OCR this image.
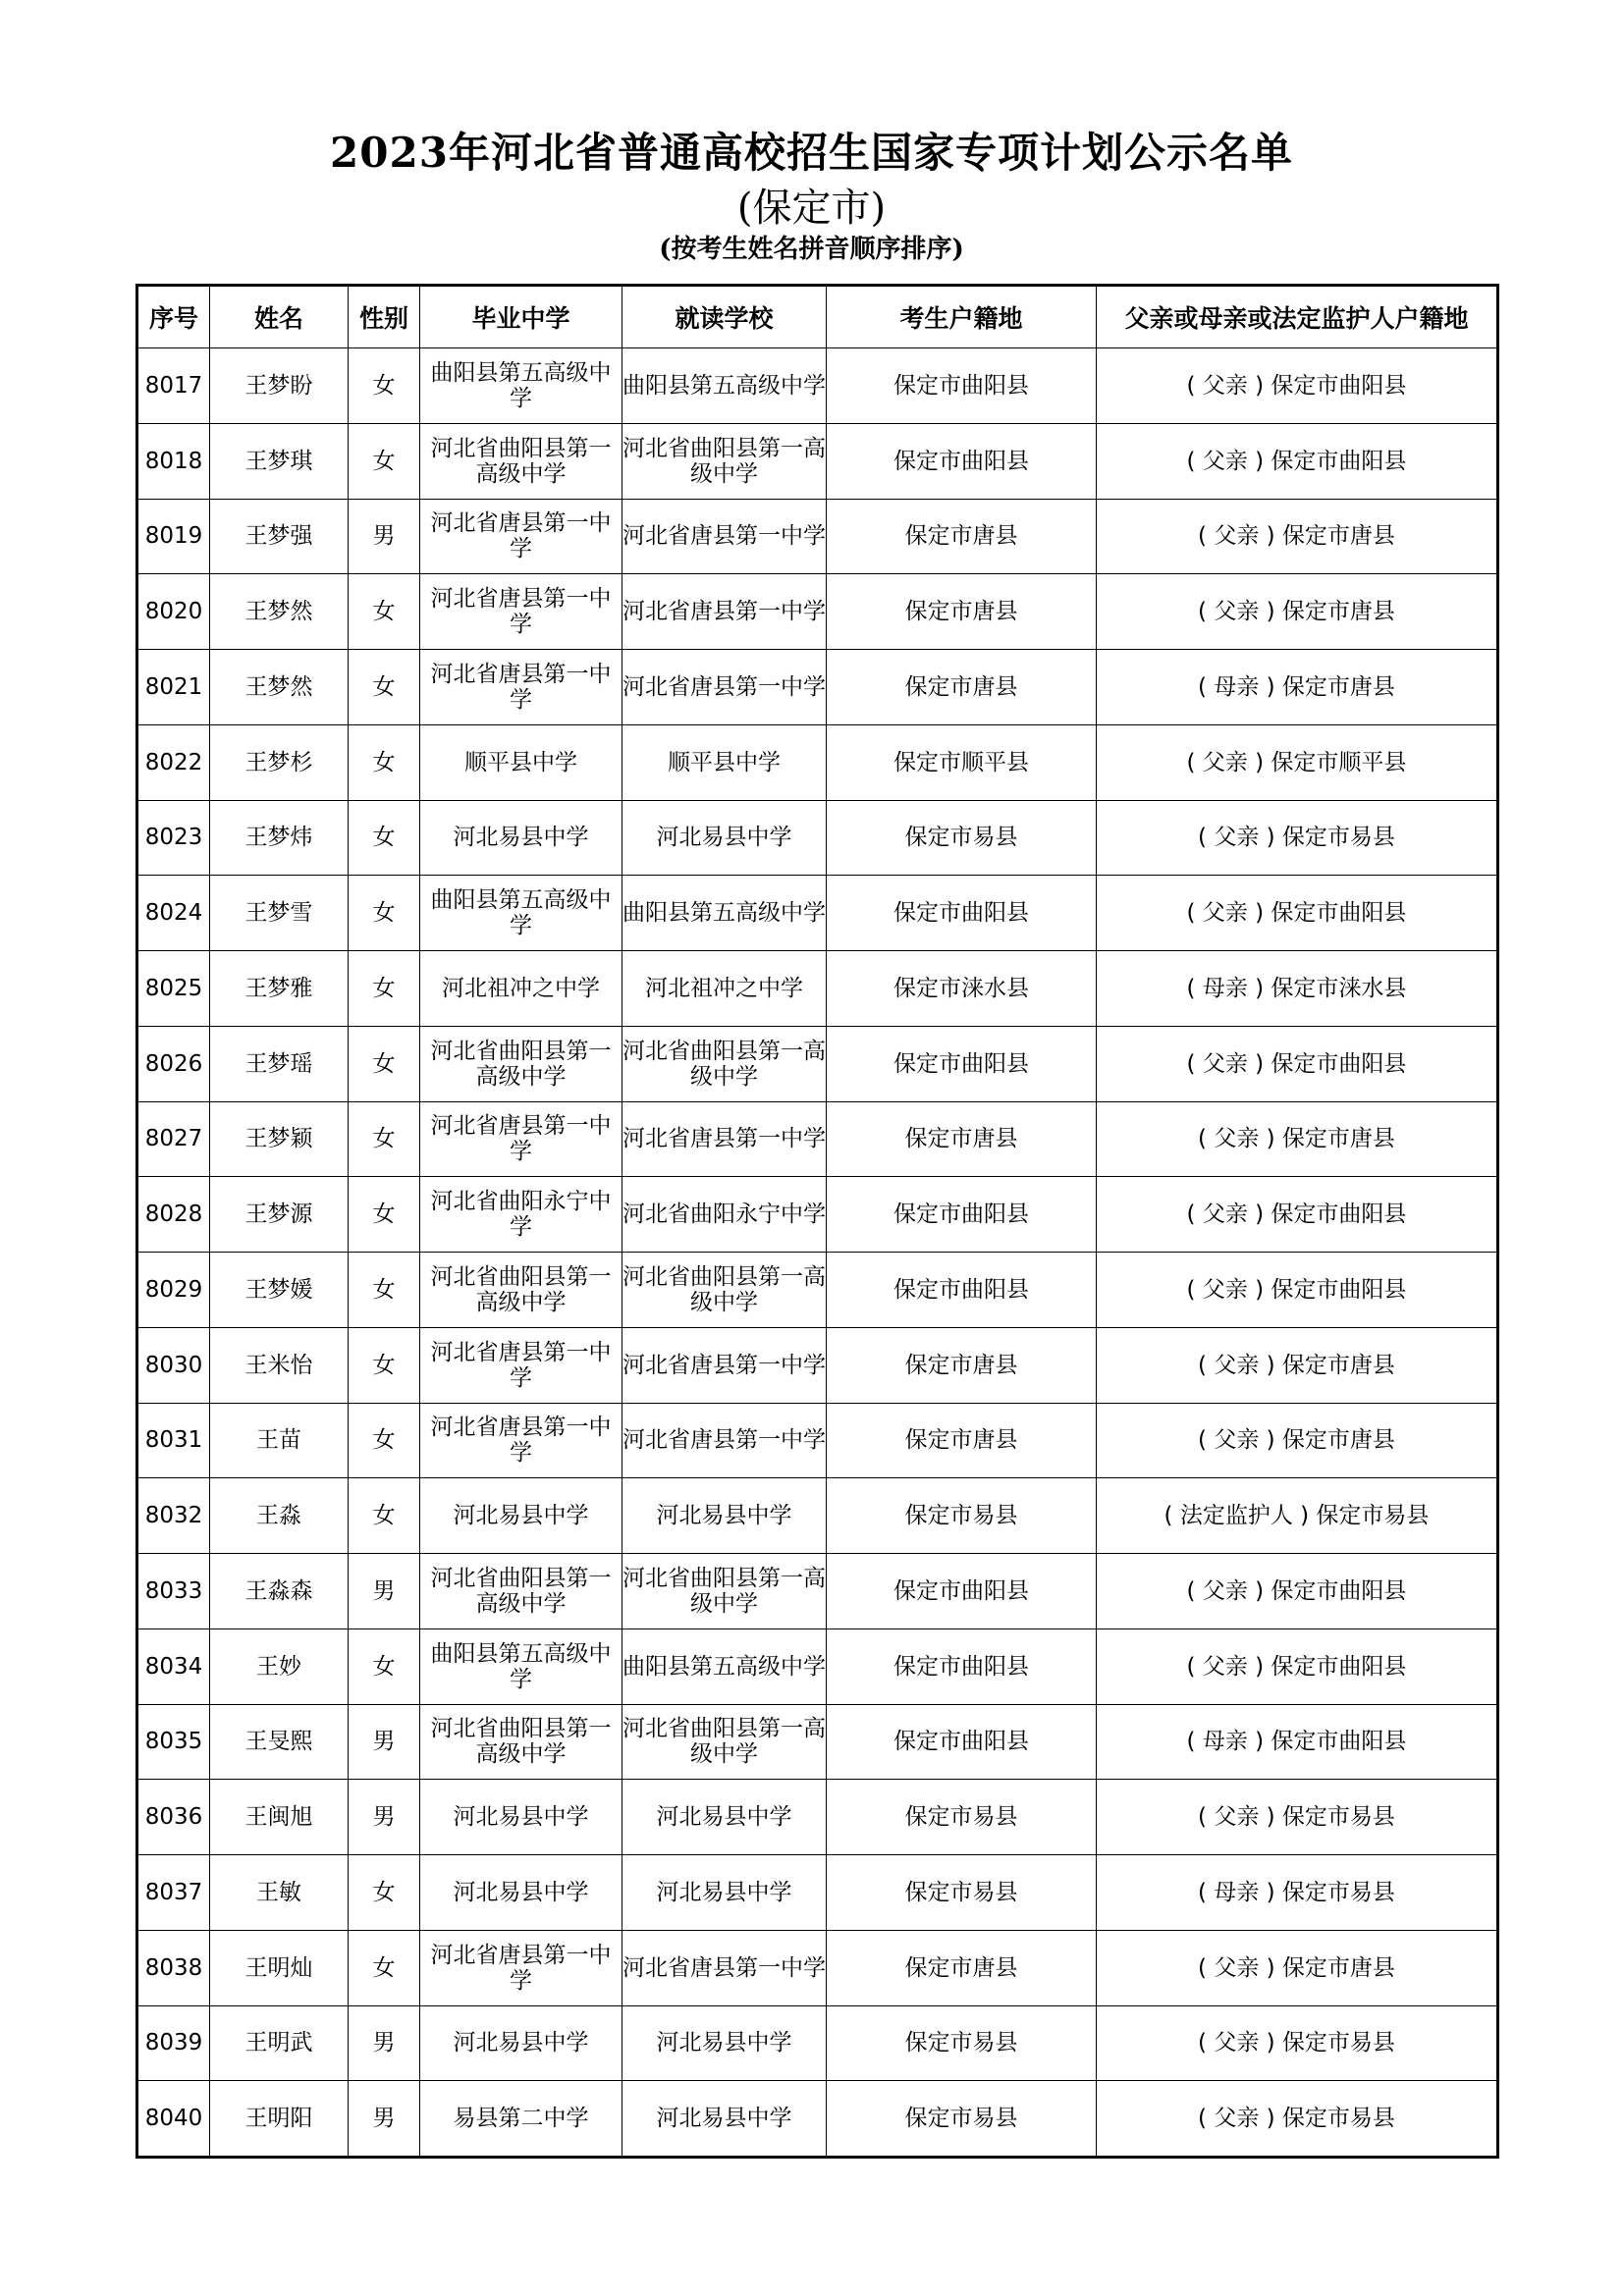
2023年河北省普通高校招生国家专项计划公示名单
(保定市)
(按考生姓名拼音顺序排序)
序号	姓名	性别	毕业中学	就读学校	考生户籍地	父亲或母亲或法定监护人户籍地
8017	王梦盼	女	曲阳县第五高级中学	曲阳县第五高级中学	保定市曲阳县	( 父亲 ) 保定市曲阳县
8018	王梦琪	女	河北省曲阳县第一高级中学	河北省曲阳县第一高级中学	保定市曲阳县	( 父亲 ) 保定市曲阳县
8019	王梦强	男	河北省唐县第一中学	河北省唐县第一中学	保定市唐县	( 父亲 ) 保定市唐县
8020	王梦然	女	河北省唐县第一中学	河北省唐县第一中学	保定市唐县	( 父亲 ) 保定市唐县
8021	王梦然	女	河北省唐县第一中学	河北省唐县第一中学	保定市唐县	( 母亲 ) 保定市唐县
8022	王梦杉	女	顺平县中学	顺平县中学	保定市顺平县	( 父亲 ) 保定市顺平县
8023	王梦炜	女	河北易县中学	河北易县中学	保定市易县	( 父亲 ) 保定市易县
8024	王梦雪	女	曲阳县第五高级中学	曲阳县第五高级中学	保定市曲阳县	( 父亲 ) 保定市曲阳县
8025	王梦雅	女	河北祖冲之中学	河北祖冲之中学	保定市涞水县	( 母亲 ) 保定市涞水县
8026	王梦瑶	女	河北省曲阳县第一高级中学	河北省曲阳县第一高级中学	保定市曲阳县	( 父亲 ) 保定市曲阳县
8027	王梦颖	女	河北省唐县第一中学	河北省唐县第一中学	保定市唐县	( 父亲 ) 保定市唐县
8028	王梦源	女	河北省曲阳永宁中学	河北省曲阳永宁中学	保定市曲阳县	( 父亲 ) 保定市曲阳县
8029	王梦媛	女	河北省曲阳县第一高级中学	河北省曲阳县第一高级中学	保定市曲阳县	( 父亲 ) 保定市曲阳县
8030	王米怡	女	河北省唐县第一中学	河北省唐县第一中学	保定市唐县	( 父亲 ) 保定市唐县
8031	王苗	女	河北省唐县第一中学	河北省唐县第一中学	保定市唐县	( 父亲 ) 保定市唐县
8032	王淼	女	河北易县中学	河北易县中学	保定市易县	( 法定监护人 ) 保定市易县
8033	王淼森	男	河北省曲阳县第一高级中学	河北省曲阳县第一高级中学	保定市曲阳县	( 父亲 ) 保定市曲阳县
8034	王妙	女	曲阳县第五高级中学	曲阳县第五高级中学	保定市曲阳县	( 父亲 ) 保定市曲阳县
8035	王旻熙	男	河北省曲阳县第一高级中学	河北省曲阳县第一高级中学	保定市曲阳县	( 母亲 ) 保定市曲阳县
8036	王闽旭	男	河北易县中学	河北易县中学	保定市易县	( 父亲 ) 保定市易县
8037	王敏	女	河北易县中学	河北易县中学	保定市易县	( 母亲 ) 保定市易县
8038	王明灿	女	河北省唐县第一中学	河北省唐县第一中学	保定市唐县	( 父亲 ) 保定市唐县
8039	王明武	男	河北易县中学	河北易县中学	保定市易县	( 父亲 ) 保定市易县
8040	王明阳	男	易县第二中学	河北易县中学	保定市易县	( 父亲 ) 保定市易县
